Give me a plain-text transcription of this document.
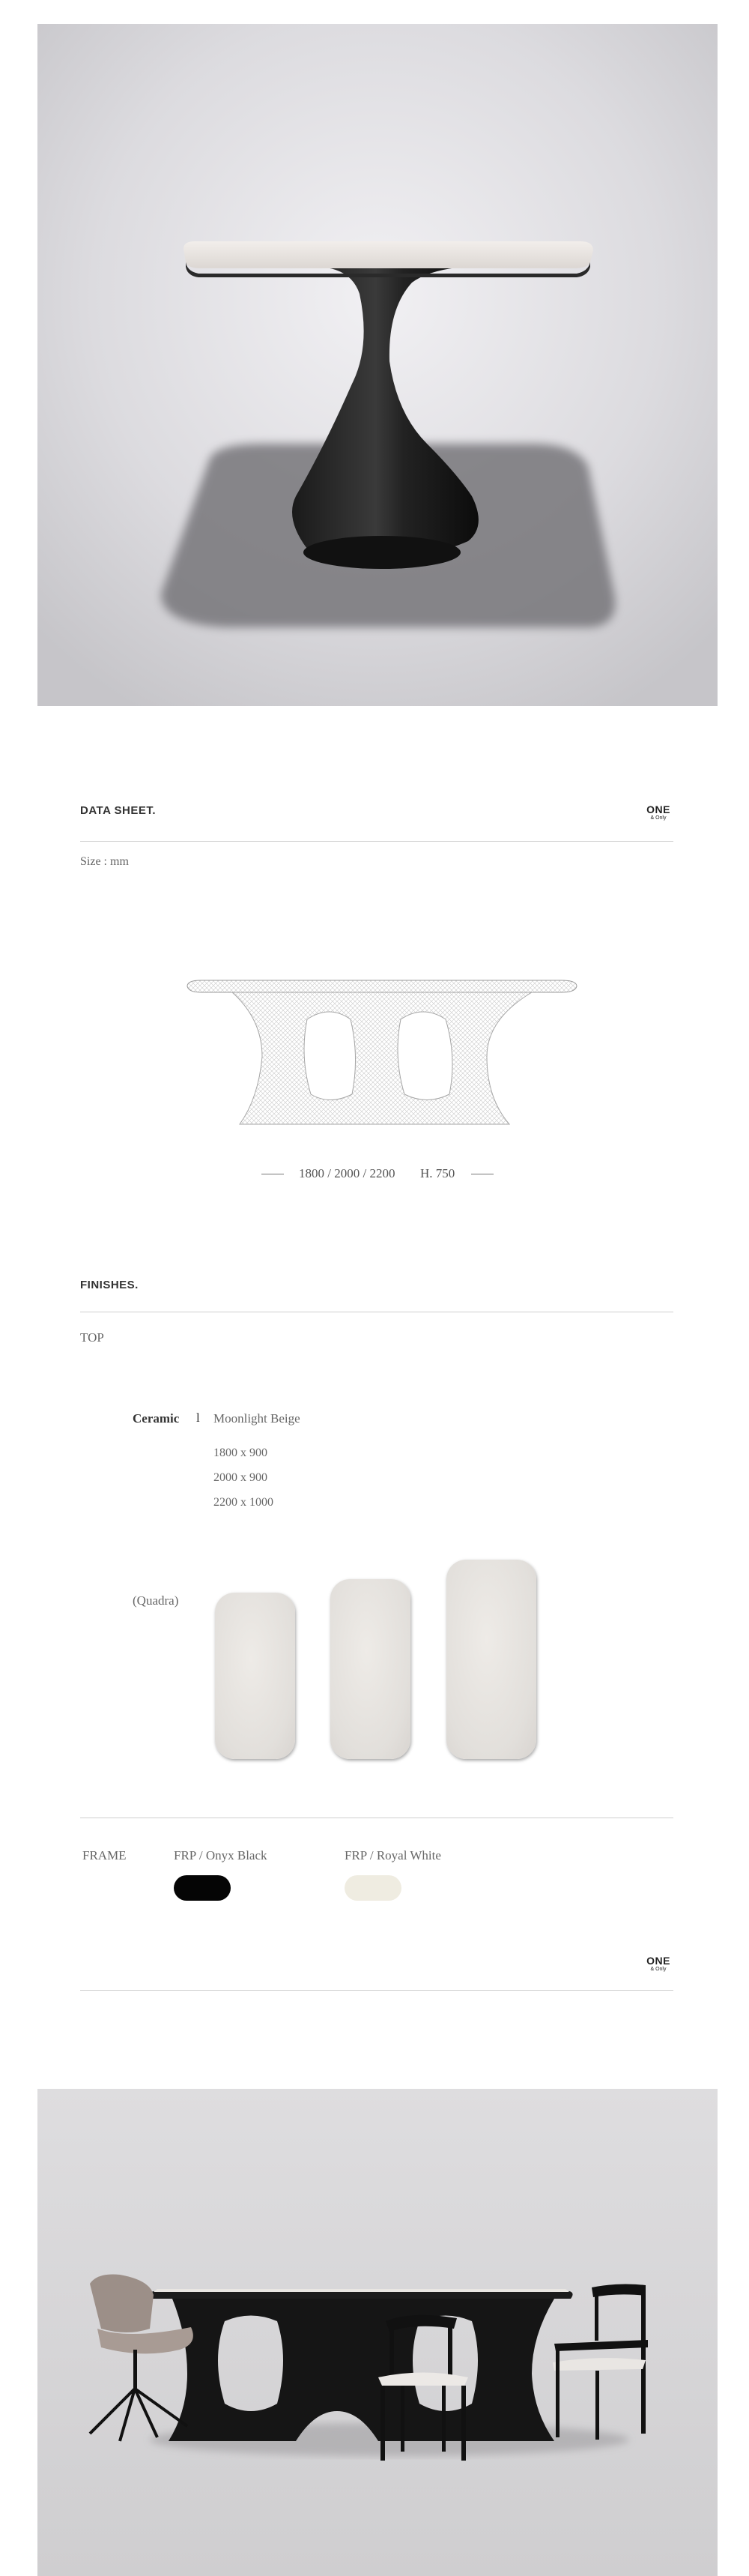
DATA SHEET.	ONE
& Only
Size : mm
1800 / 2000 / 2200 H. 750
FINISHES.
TOP
Ceramic l Moonlight Beige
1800 x 900
2000 x 900
2200 x 1000
(Quadra)
FRAME	FRP / Onyx Black	FRP / Royal White
ONE
& Only
